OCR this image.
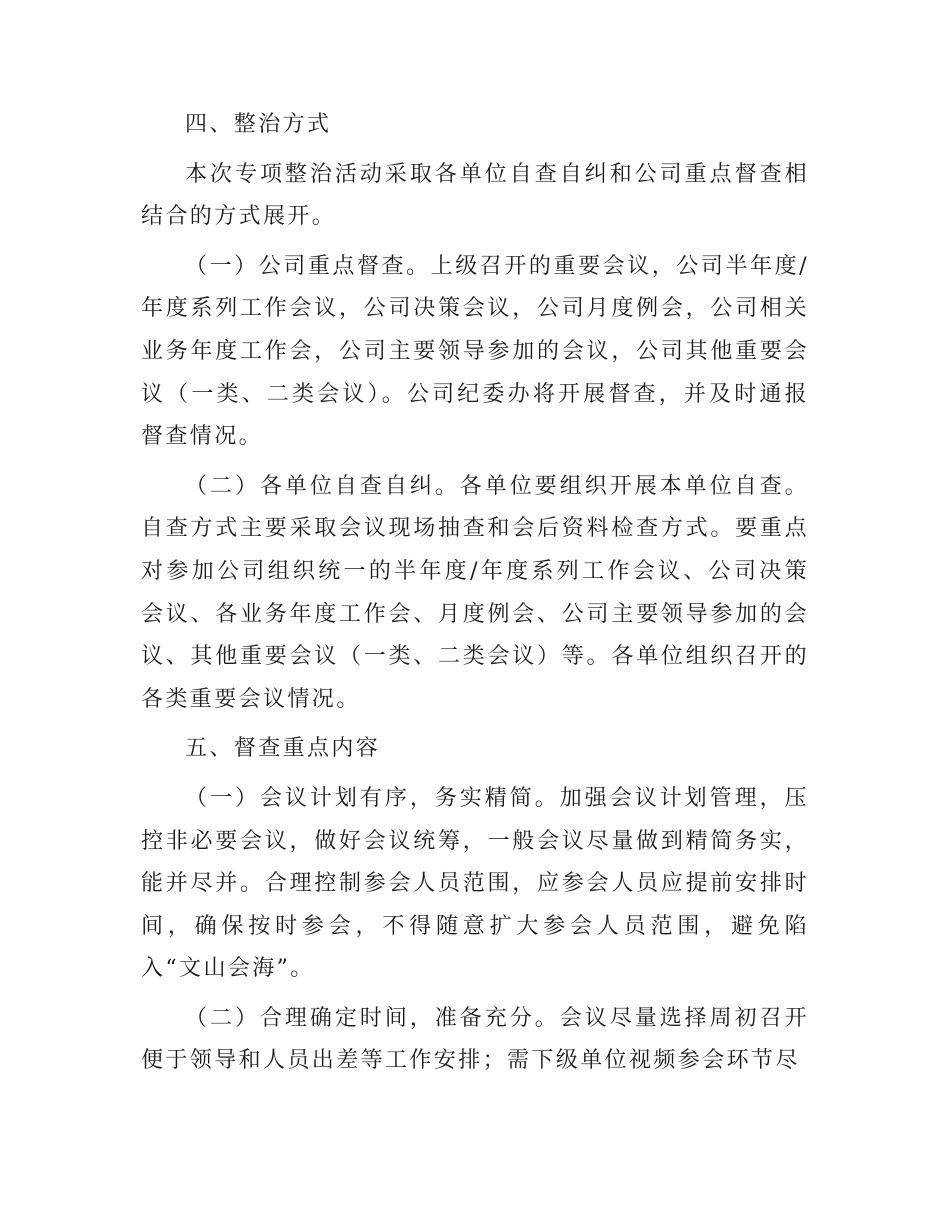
四、整治方式

本次专项整治活动采取各单位自查自纠和公司重点督查相结合的方式展开。

（一）公司重点督查。上级召开的重要会议，公司半年度/年度系列工作会议，公司决策会议，公司月度例会，公司相关业务年度工作会，公司主要领导参加的会议，公司其他重要会议（一类、二类会议）。公司纪委办将开展督查，并及时通报督查情况。

（二）各单位自查自纠。各单位要组织开展本单位自查。自查方式主要采取会议现场抽查和会后资料检查方式。要重点对参加公司组织统一的半年度/年度系列工作会议、公司决策会议、各业务年度工作会、月度例会、公司主要领导参加的会议、其他重要会议（一类、二类会议）等。各单位组织召开的各类重要会议情况。

五、督查重点内容

（一）会议计划有序，务实精简。加强会议计划管理，压控非必要会议，做好会议统筹，一般会议尽量做到精简务实，能并尽并。合理控制参会人员范围，应参会人员应提前安排时间，确保按时参会，不得随意扩大参会人员范围，避免陷入“文山会海”。

（二）合理确定时间，准备充分。会议尽量选择周初召开便于领导和人员出差等工作安排；需下级单位视频参会环节尽
